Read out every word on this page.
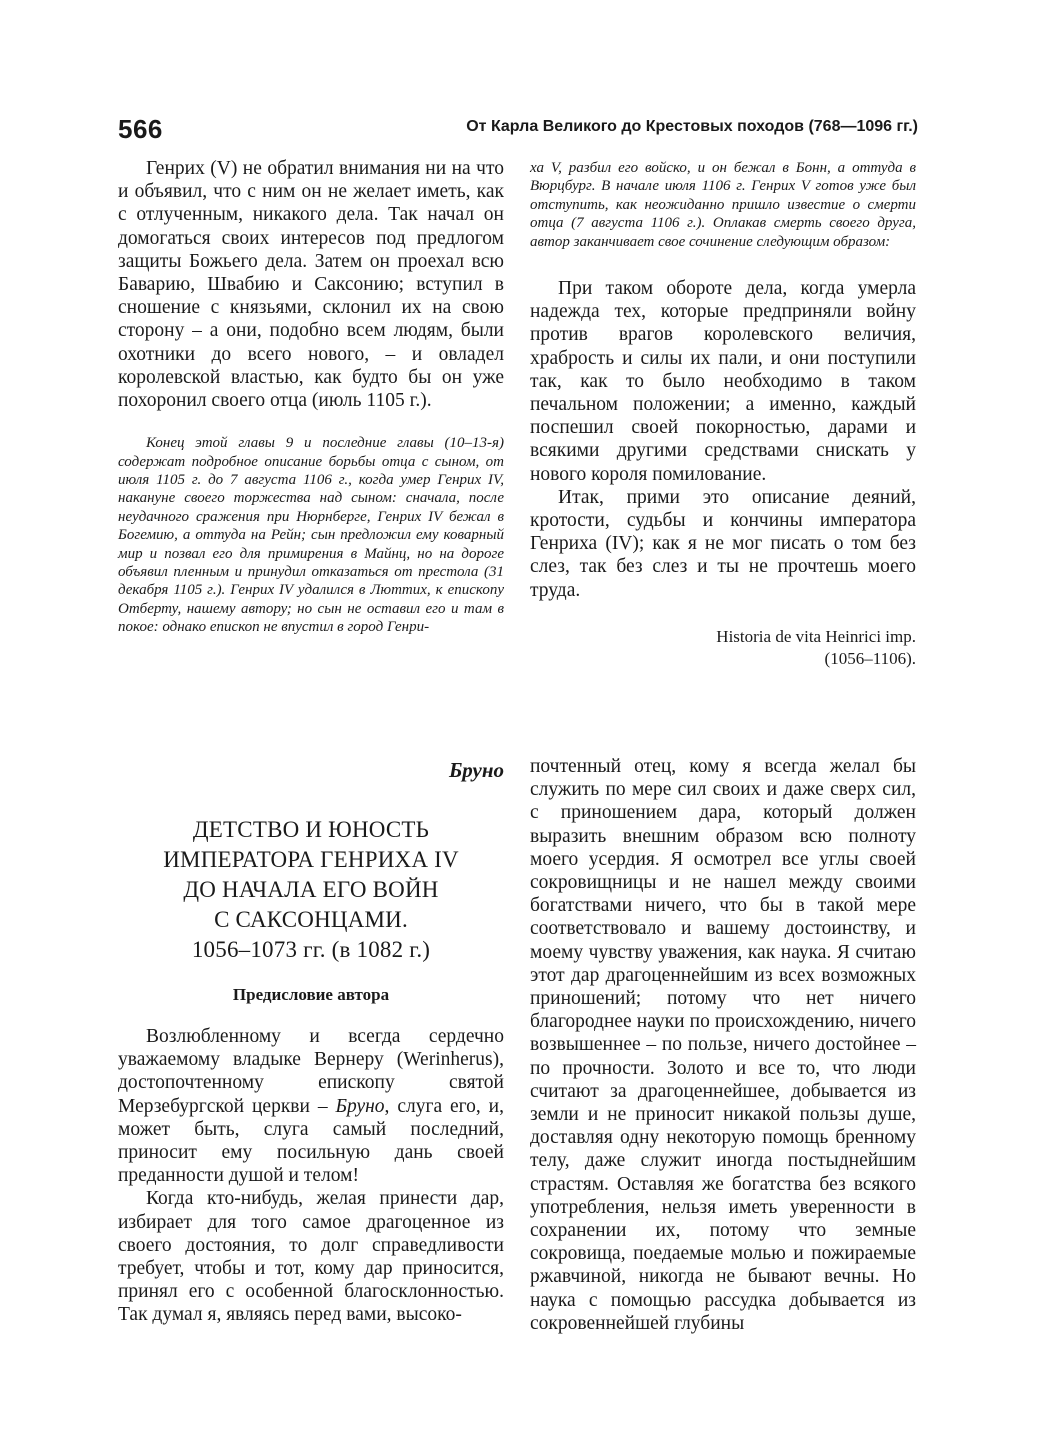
566	От Карла Великого до Крестовых походов (768—1096 гг.)

Генрих (V) не обратил внимания ни на что и объявил, что с ним он не желает иметь, как с отлученным, никакого дела. Так начал он домогаться своих интересов под предлогом защиты Божьего дела. Затем он проехал всю Баварию, Швабию и Саксонию; вступил в сношение с князьями, склонил их на свою сторону – а они, подобно всем людям, были охотники до всего нового, – и овладел королевской властью, как будто бы он уже похоронил своего отца (июль 1105 г.).

Конец этой главы 9 и последние главы (10–13-я) содержат подробное описание борьбы отца с сыном, от июля 1105 г. до 7 августа 1106 г., когда умер Генрих IV, накануне своего торжества над сыном: сначала, после неудачного сражения при Нюрнберге, Генрих IV бежал в Богемию, а оттуда на Рейн; сын предложил ему коварный мир и позвал его для примирения в Майнц, но на дороге объявил пленным и принудил отказаться от престола (31 декабря 1105 г.). Генрих IV удалился в Люттих, к епископу Отберту, нашему автору; но сын не оставил его и там в покое: однако епископ не впустил в город Генри-

ха V, разбил его войско, и он бежал в Бонн, а оттуда в Вюрцбург. В начале июля 1106 г. Генрих V готов уже был отступить, как неожиданно пришло известие о смерти отца (7 августа 1106 г.). Оплакав смерть своего друга, автор заканчивает свое сочинение следующим образом:

При таком обороте дела, когда умерла надежда тех, которые предприняли войну против врагов королевского величия, храбрость и силы их пали, и они поступили так, как то было необходимо в таком печальном положении; а именно, каждый поспешил своей покорностью, дарами и всякими другими средствами снискать у нового короля помилование.

Итак, прими это описание деяний, кротости, судьбы и кончины императора Генриха (IV); как я не мог писать о том без слез, так без слез и ты не прочтешь моего труда.

Historia de vita Heinrici imp.
(1056–1106).
Бруно
ДЕТСТВО И ЮНОСТЬ
ИМПЕРАТОРА ГЕНРИХА IV
ДО НАЧАЛА ЕГО ВОЙН
С САКСОНЦАМИ.
1056–1073 гг. (в 1082 г.)
Предисловие автора

Возлюбленному и всегда сердечно уважаемому владыке Вернеру (Werinherus), достопочтенному епископу святой Мерзебургской церкви – Бруно, слуга его, и, может быть, слуга самый последний, приносит ему посильную дань своей преданности душой и телом!

Когда кто-нибудь, желая принести дар, избирает для того самое драгоценное из своего достояния, то долг справедливости требует, чтобы и тот, кому дар приносится, принял его с особенной благосклонностью. Так думал я, являясь перед вами, высоко-

почтенный отец, кому я всегда желал бы служить по мере сил своих и даже сверх сил, с приношением дара, который должен выразить внешним образом всю полноту моего усердия. Я осмотрел все углы своей сокровищницы и не нашел между своими богатствами ничего, что бы в такой мере соответствовало и вашему достоинству, и моему чувству уважения, как наука. Я считаю этот дар драгоценнейшим из всех возможных приношений; потому что нет ничего благороднее науки по происхождению, ничего возвышеннее – по пользе, ничего достойнее – по прочности. Золото и все то, что люди считают за драгоценнейшее, добывается из земли и не приносит никакой пользы душе, доставляя одну некоторую помощь бренному телу, даже служит иногда постыднейшим страстям. Оставляя же богатства без всякого употребления, нельзя иметь уверенности в сохранении их, потому что земные сокровища, поедаемые молью и пожираемые ржавчиной, никогда не бывают вечны. Но наука с помощью рассудка добывается из сокровеннейшей глубины
